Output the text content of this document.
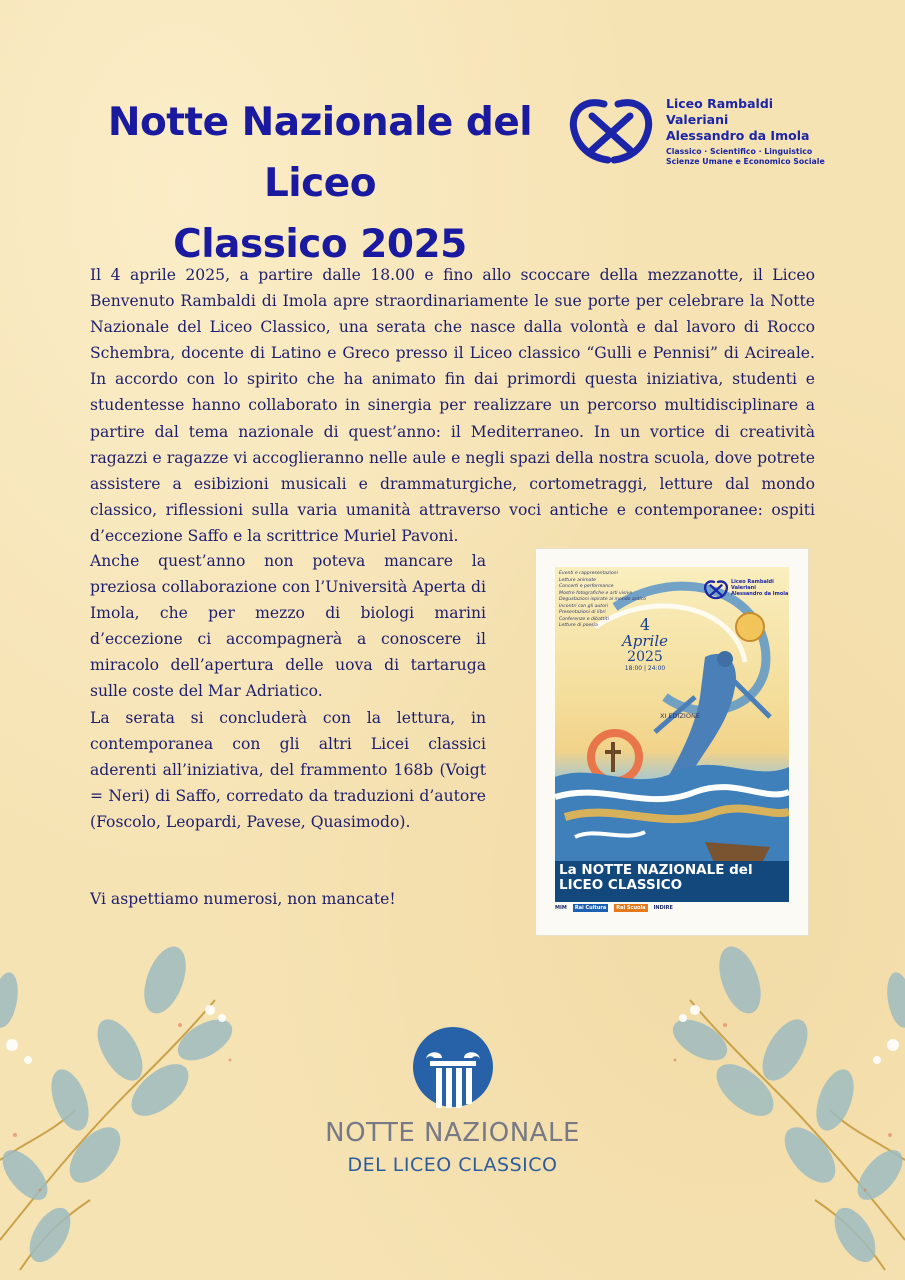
Notte Nazionale del Liceo
Classico 2025
Liceo Rambaldi
Valeriani
Alessandro da Imola
Classico · Scientifico · Linguistico
Scienze Umane e Economico Sociale

Il 4 aprile 2025, a partire dalle 18.00 e fino allo scoccare della mezzanotte, il Liceo Benvenuto Rambaldi di Imola apre straordinariamente le sue porte per celebrare la Notte Nazionale del Liceo Classico, una serata che nasce dalla volontà e dal lavoro di Rocco Schembra, docente di Latino e Greco presso il Liceo classico “Gulli e Pennisi” di Acireale. In accordo con lo spirito che ha animato fin dai primordi questa iniziativa, studenti e studentesse hanno collaborato in sinergia per realizzare un percorso multidisciplinare a partire dal tema nazionale di quest’anno: il Mediterraneo. In un vortice di creatività ragazzi e ragazze vi accoglieranno nelle aule e negli spazi della nostra scuola, dove potrete assistere a esibizioni musicali e drammaturgiche, cortometraggi, letture dal mondo classico, riflessioni sulla varia umanità attraverso voci antiche e contemporanee: ospiti d’eccezione Saffo e la scrittrice Muriel Pavoni.

Anche quest’anno non poteva mancare la preziosa collaborazione con l’Università Aperta di Imola, che per mezzo di biologi marini d’eccezione ci accompagnerà a conoscere il miracolo dell’apertura delle uova di tartaruga sulle coste del Mar Adriatico.
La serata si concluderà con la lettura, in contemporanea con gli altri Licei classici aderenti all’iniziativa, del frammento 168b (Voigt = Neri) di Saffo, corredato da traduzioni d’autore (Foscolo, Leopardi, Pavese, Quasimodo).

Vi aspettiamo numerosi, non mancate!

Eventi e rappresentazioni
Letture animate
Concerti e performance
Mostre fotografiche e arti visive
Degustazioni ispirate al mondo antico
Incontri con gli autori
Presentazioni di libri
Conferenze e dibattiti
Letture di poesia
Liceo Rambaldi
Valeriani
Alessandro da Imola
4
Aprile
2025
18:00 | 24:00
XI EDIZIONE
La NOTTE NAZIONALE del
LICEO CLASSICO
MIM Rai Cultura Rai Scuola INDIRE
NOTTE NAZIONALE
DEL LICEO CLASSICO
